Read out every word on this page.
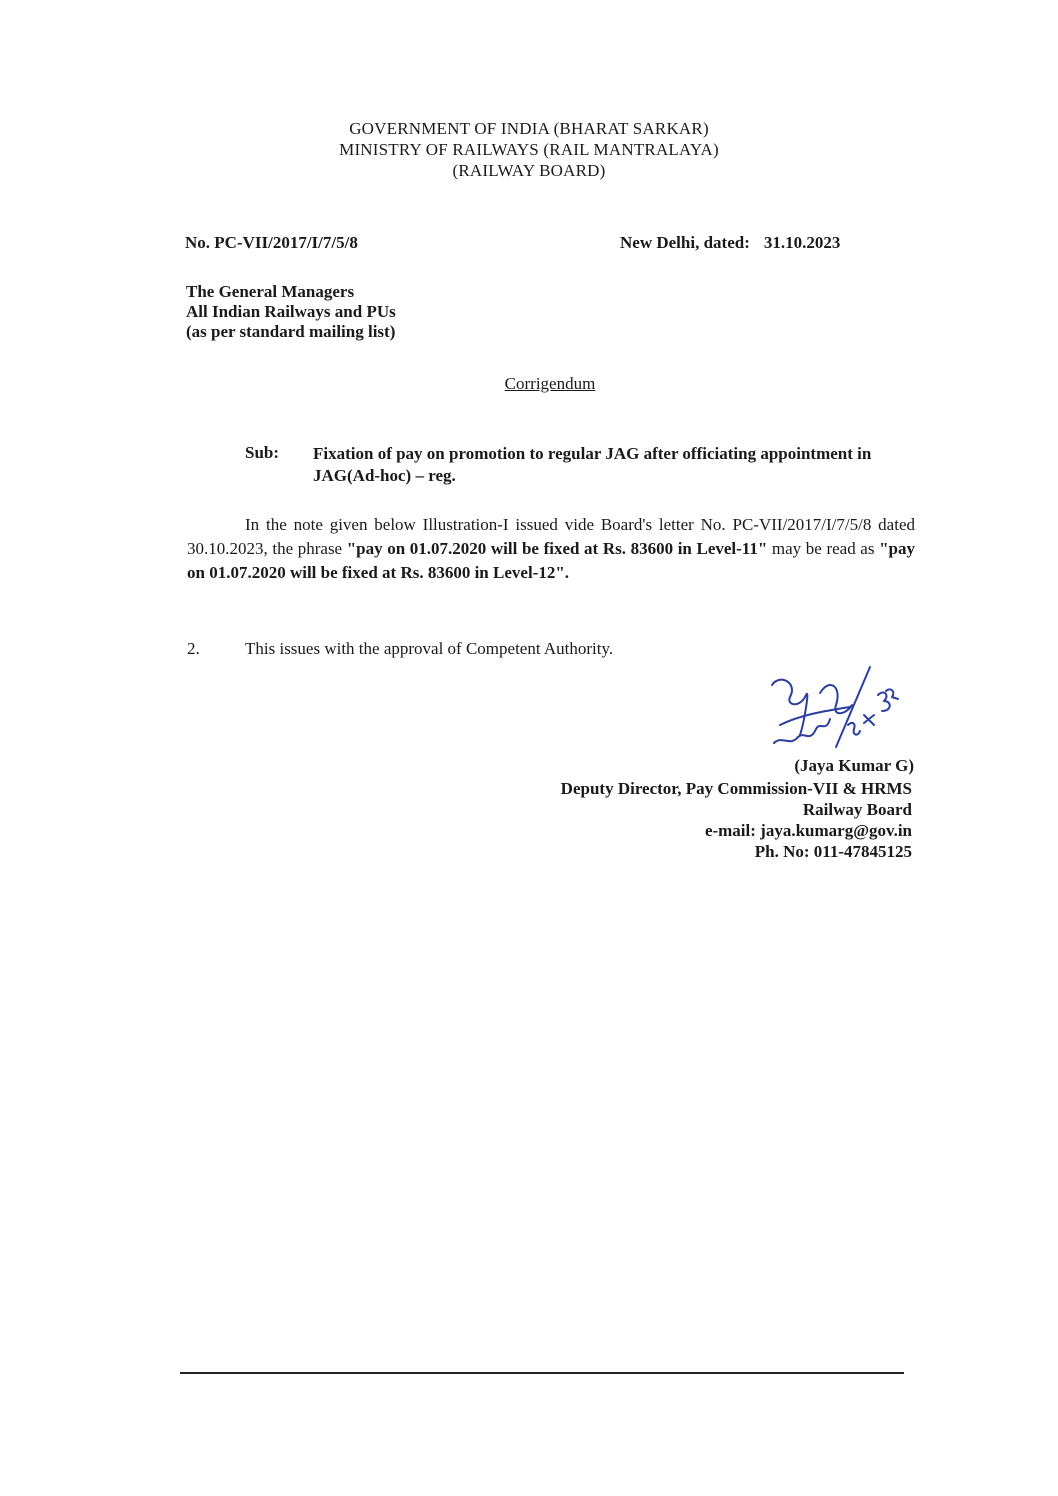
GOVERNMENT OF INDIA (BHARAT SARKAR)
MINISTRY OF RAILWAYS (RAIL MANTRALAYA)
(RAILWAY BOARD)
No. PC-VII/2017/I/7/5/8	New Delhi, dated: 31.10.2023
The General Managers
All Indian Railways and PUs
(as per standard mailing list)
Corrigendum
Sub: Fixation of pay on promotion to regular JAG after officiating appointment in JAG(Ad-hoc) – reg.
In the note given below Illustration-I issued vide Board's letter No. PC-VII/2017/I/7/5/8 dated 30.10.2023, the phrase "pay on 01.07.2020 will be fixed at Rs. 83600 in Level-11" may be read as "pay on 01.07.2020 will be fixed at Rs. 83600 in Level-12".
2.	This issues with the approval of Competent Authority.
(Jaya Kumar G)
Deputy Director, Pay Commission-VII & HRMS
Railway Board
e-mail: jaya.kumarg@gov.in
Ph. No: 011-47845125
